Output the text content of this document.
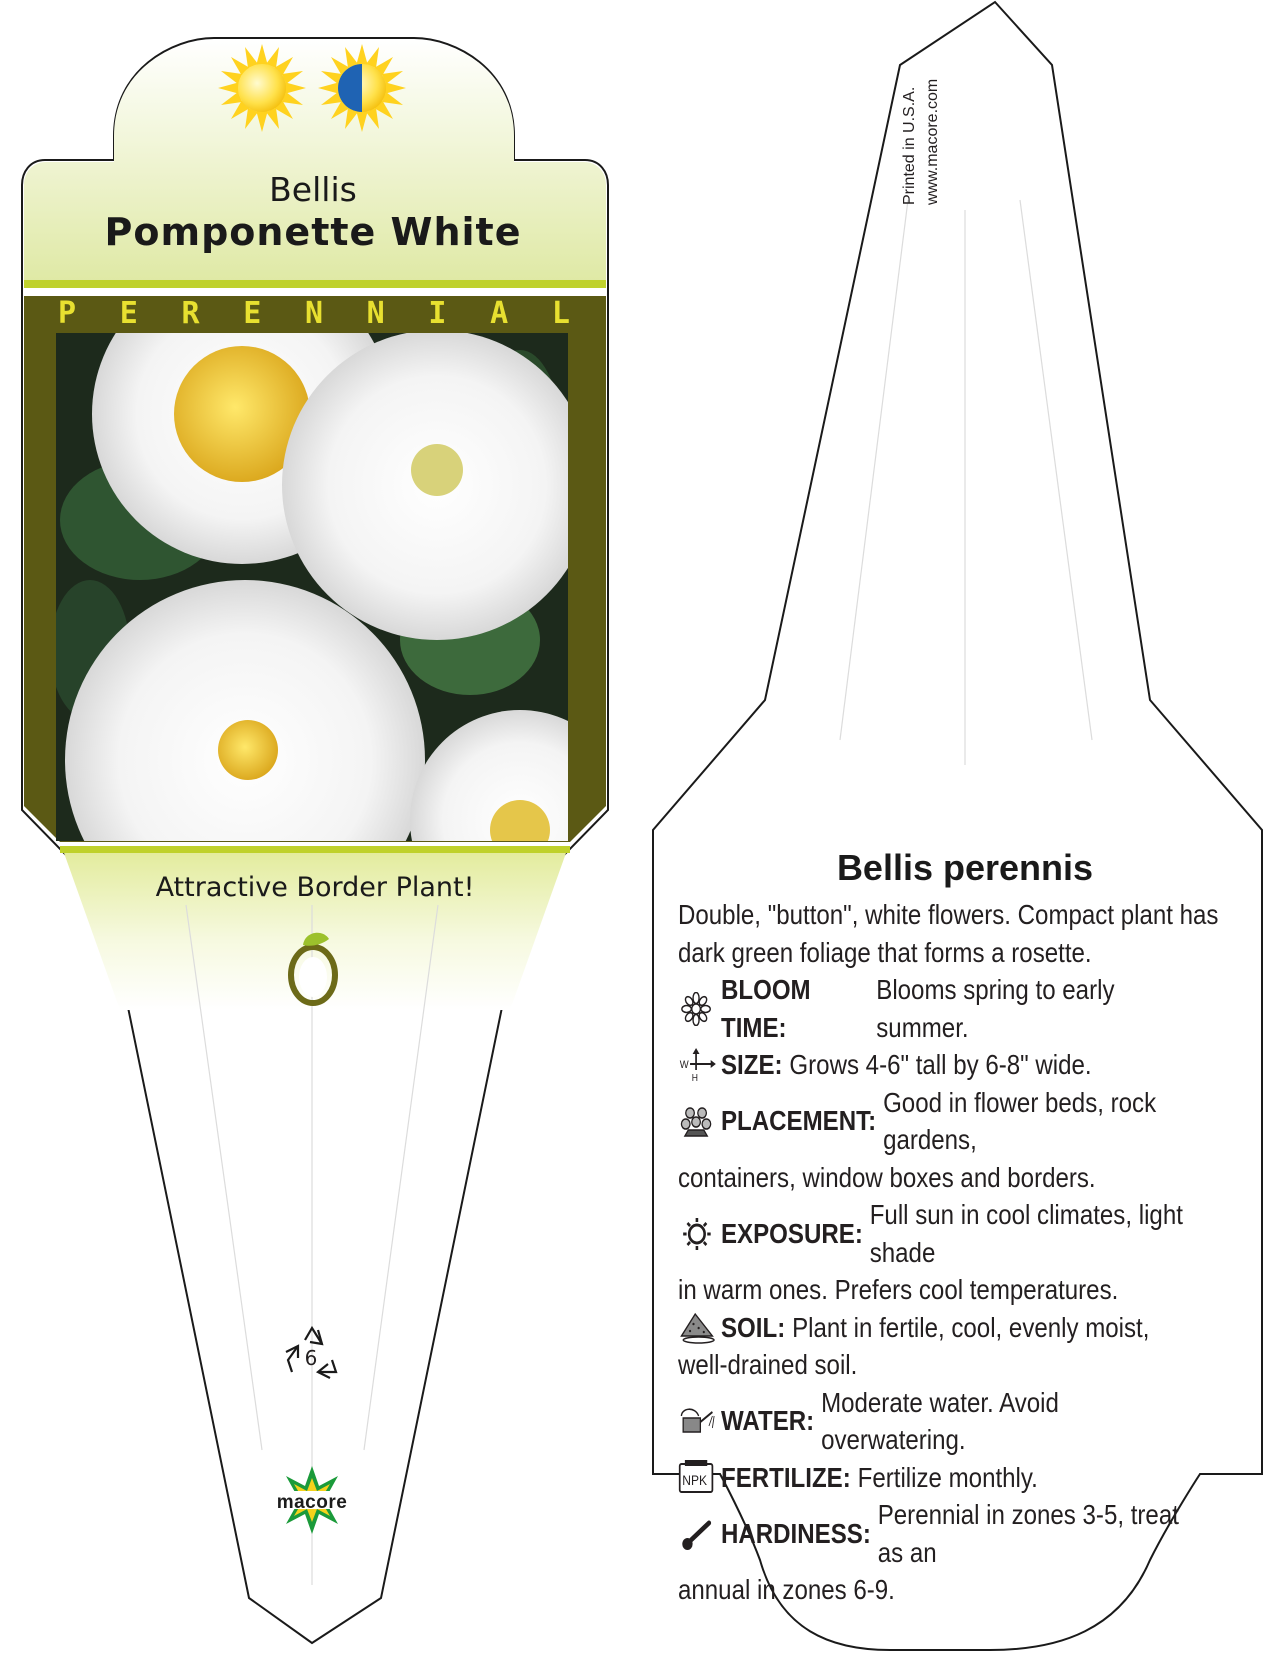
Bellis
Pomponette White
P E R E N N I A L
Attractive Border Plant!
6
macore
Printed in U.S.A. www.macore.com
Bellis perennis

Double, "button", white flowers. Compact plant has

dark green foliage that forms a rosette.

BLOOM TIME:
Blooms spring to early summer.
W
H SIZE: Grows 4-6" tall by 6-8" wide.
PLACEMENT:
Good in flower beds, rock gardens,

containers, window boxes and borders.

EXPOSURE:
Full sun in cool climates, light shade

in warm ones. Prefers cool temperatures.

SOIL: Plant in fertile, cool, evenly moist,

well-drained soil.

WATER:
Moderate water. Avoid overwatering.
NPK FERTILIZE: Fertilize monthly.
HARDINESS:
Perennial in zones 3-5, treat as an

annual in zones 6-9.
